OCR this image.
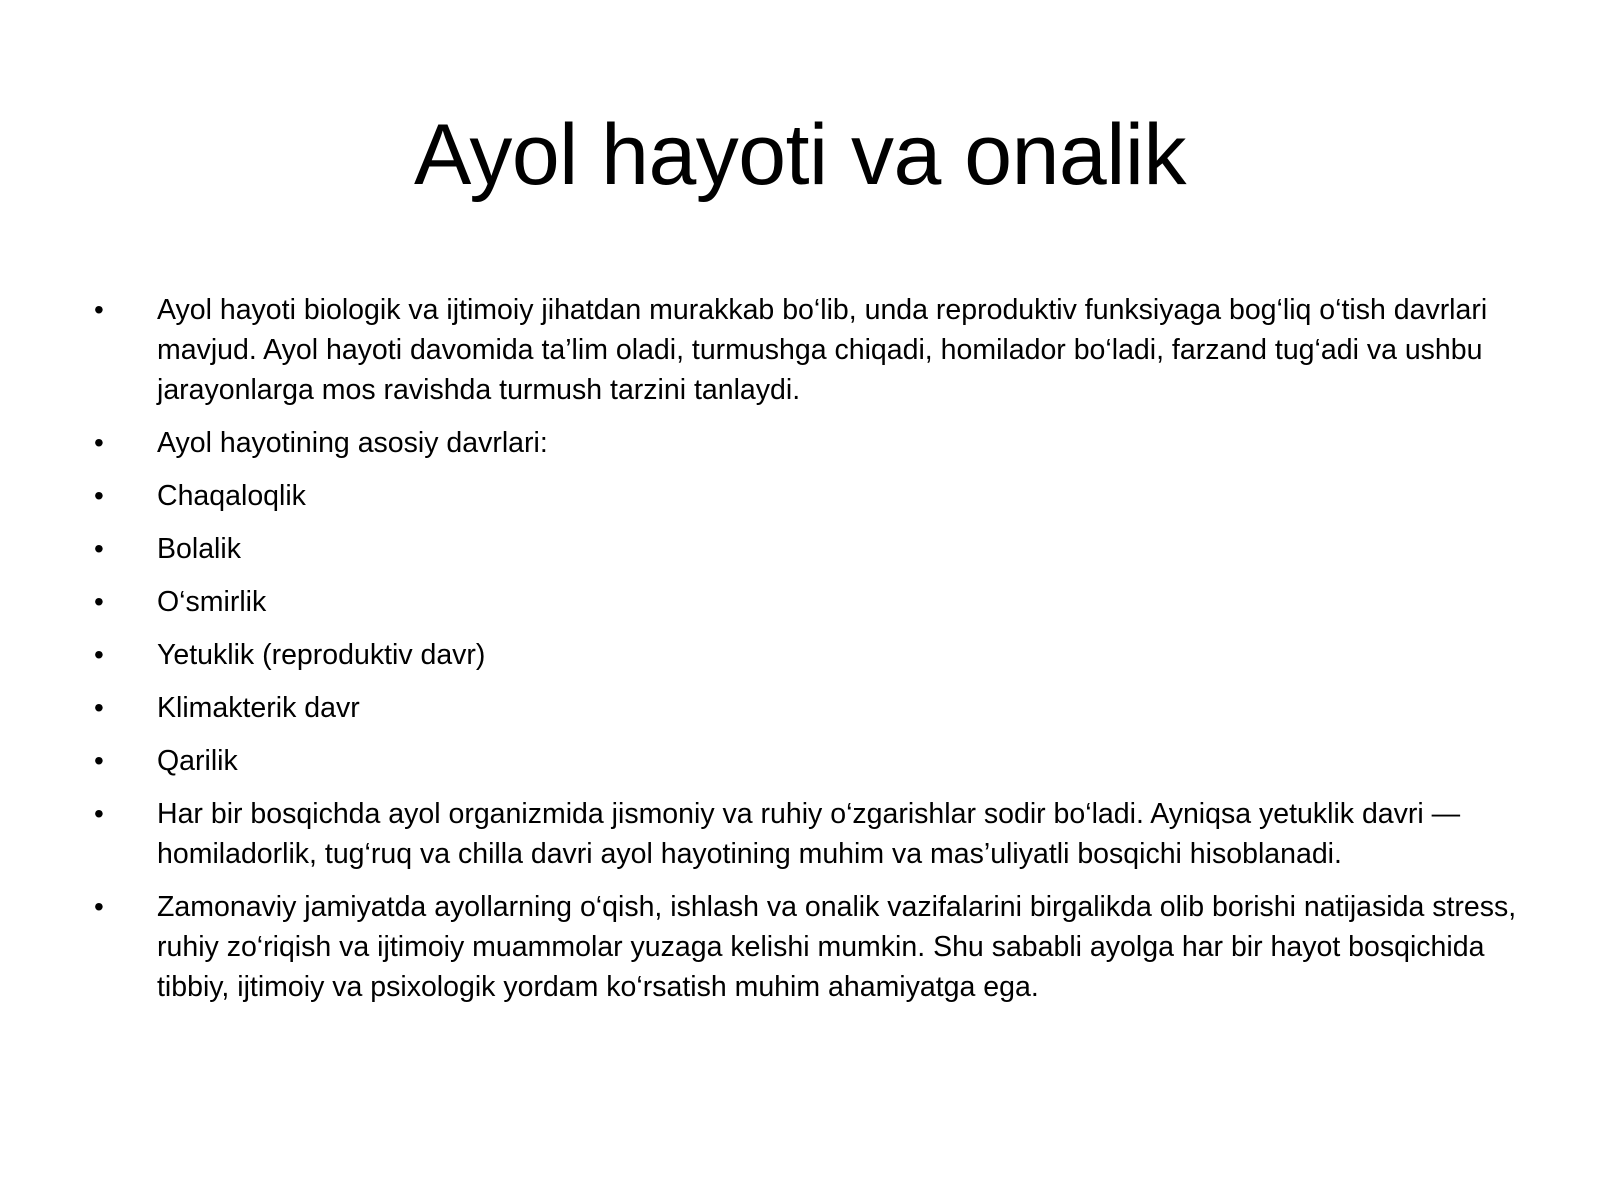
Ayol hayoti va onalik
•	Ayol hayoti biologik va ijtimoiy jihatdan murakkab bo‘lib, unda reproduktiv funksiyaga bog‘liq o‘tish davrlari mavjud. Ayol hayoti davomida ta’lim oladi, turmushga chiqadi, homilador bo‘ladi, farzand tug‘adi va ushbu jarayonlarga mos ravishda turmush tarzini tanlaydi.
•	Ayol hayotining asosiy davrlari:
•	Chaqaloqlik
•	Bolalik
•	O‘smirlik
•	Yetuklik (reproduktiv davr)
•	Klimakterik davr
•	Qarilik
•	Har bir bosqichda ayol organizmida jismoniy va ruhiy o‘zgarishlar sodir bo‘ladi. Ayniqsa yetuklik davri — homiladorlik, tug‘ruq va chilla davri ayol hayotining muhim va mas’uliyatli bosqichi hisoblanadi.
•	Zamonaviy jamiyatda ayollarning o‘qish, ishlash va onalik vazifalarini birgalikda olib borishi natijasida stress, ruhiy zo‘riqish va ijtimoiy muammolar yuzaga kelishi mumkin. Shu sababli ayolga har bir hayot bosqichida tibbiy, ijtimoiy va psixologik yordam ko‘rsatish muhim ahamiyatga ega.
